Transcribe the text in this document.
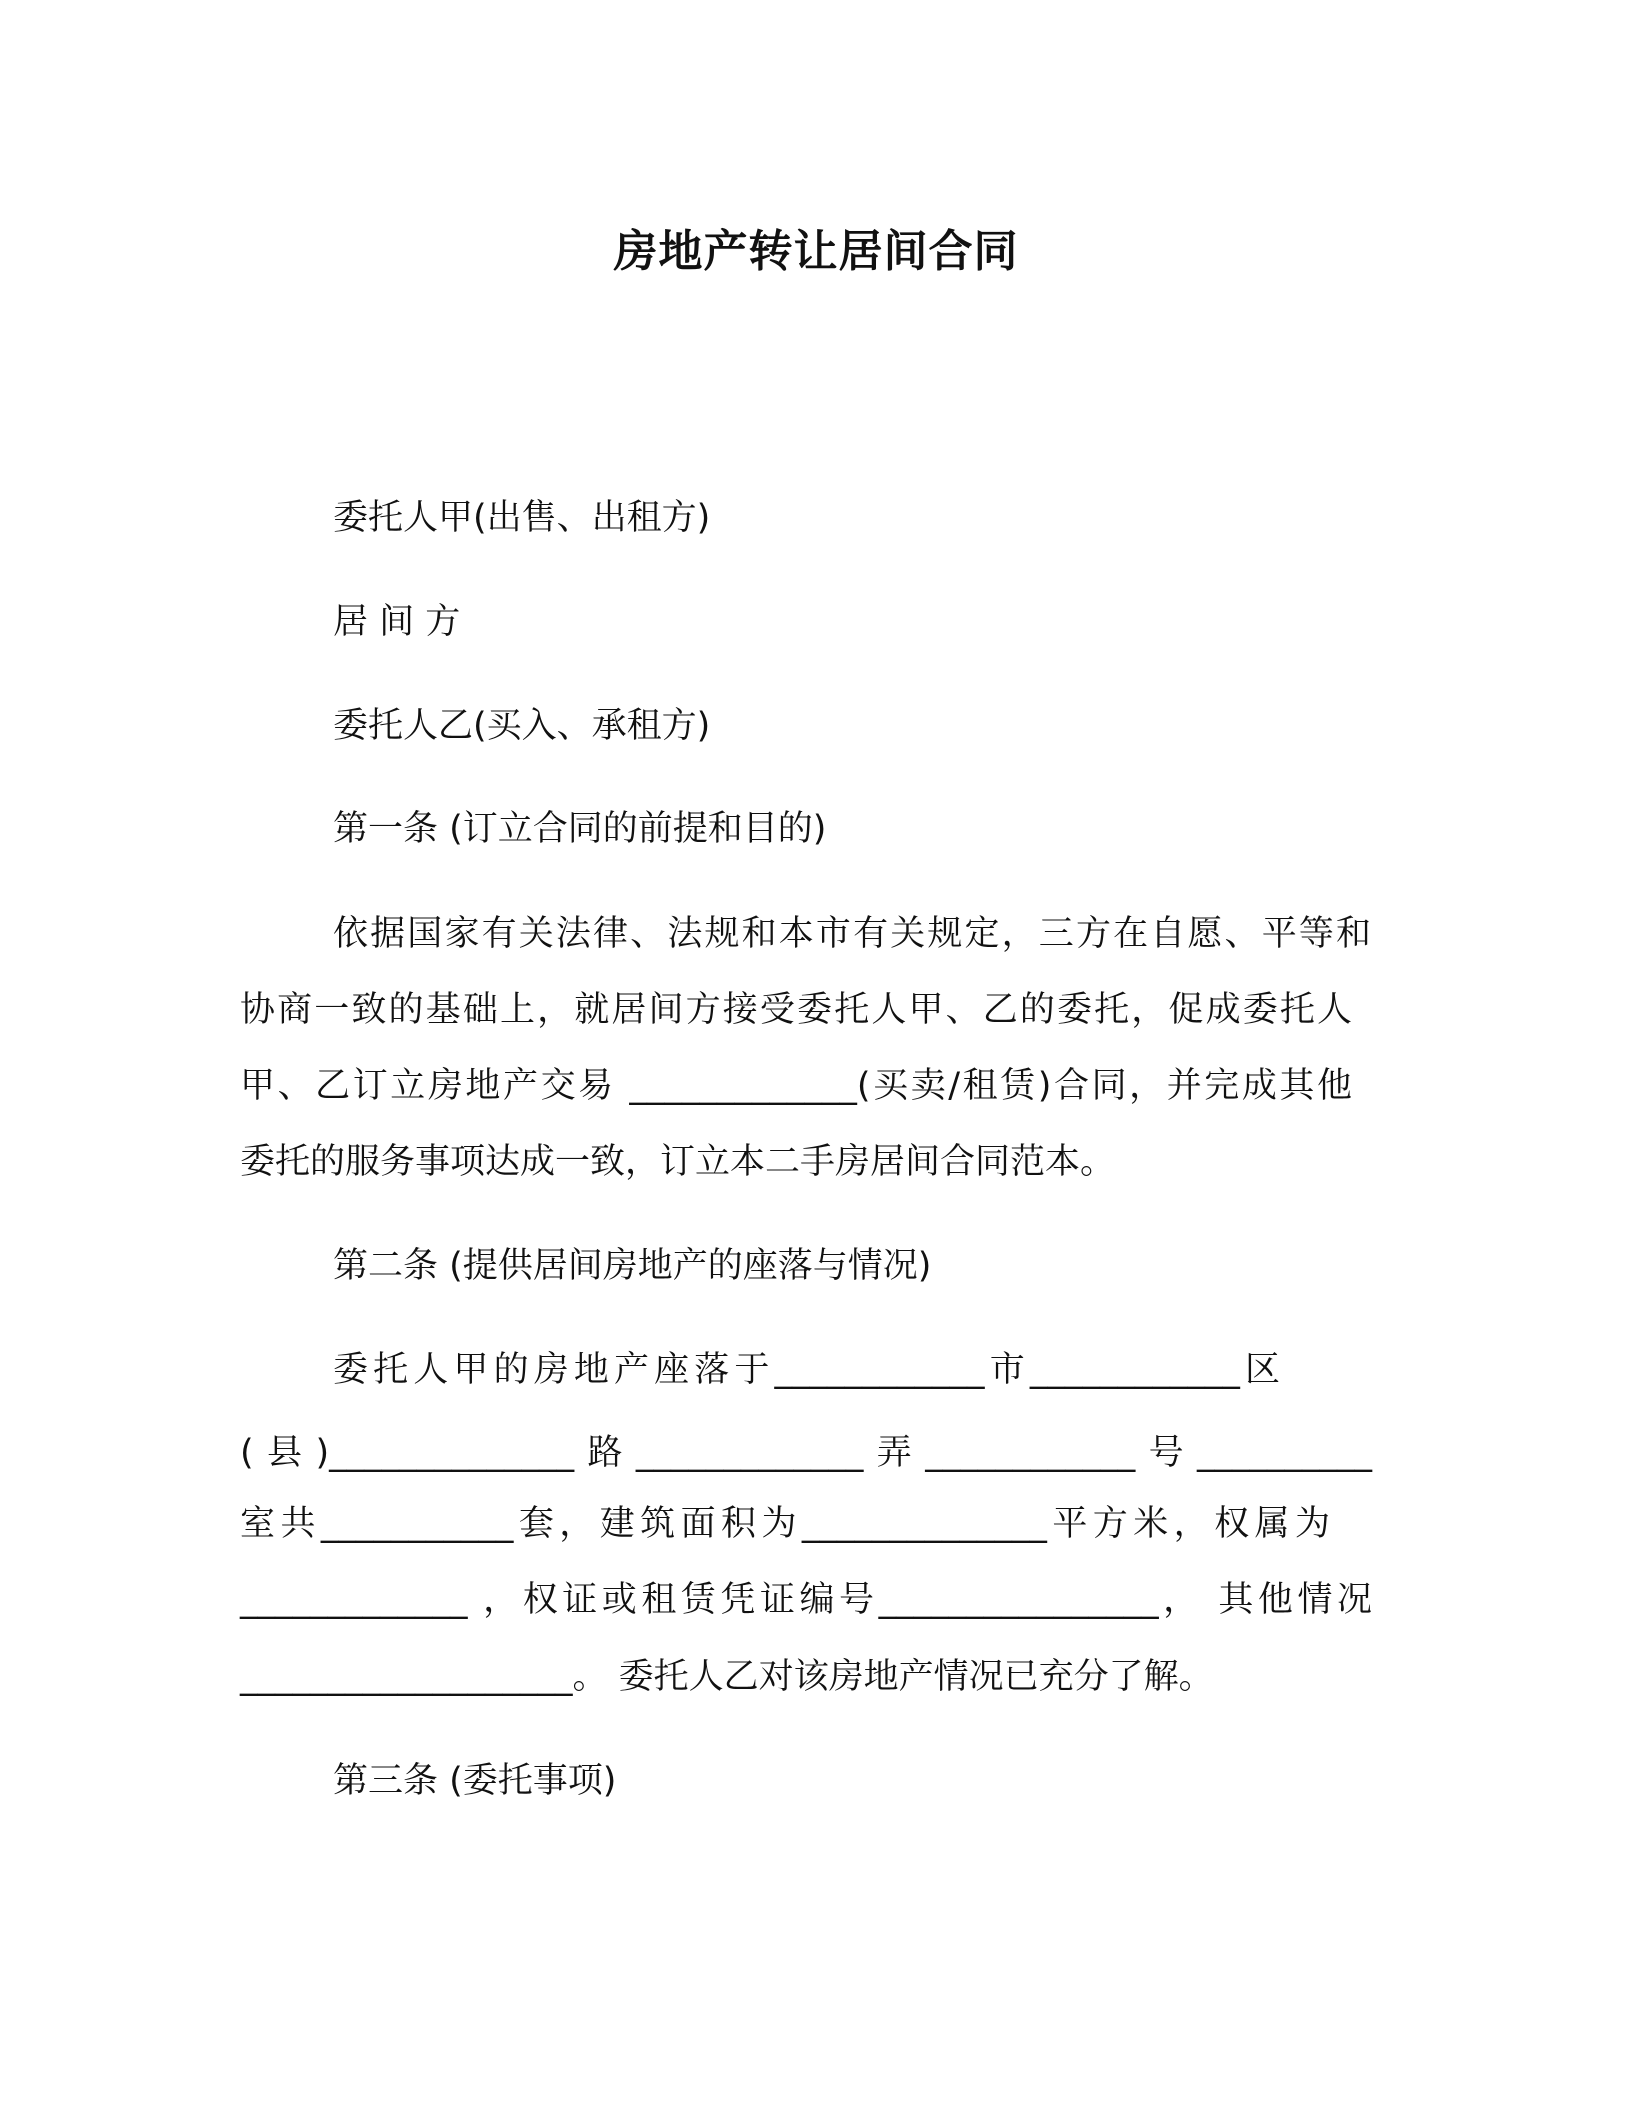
房地产转让居间合同
委托人甲(出售、出租方)
居 间 方
委托人乙(买入、承租方)
第一条 (订立合同的前提和目的)
依据国家有关法律、法规和本市有关规定，三方在自愿、平等和
协商一致的基础上，就居间方接受委托人甲、乙的委托，促成委托人
甲、乙订立房地产交易 _____________(买卖/租赁)合同，并完成其他
委托的服务事项达成一致，订立本二手房居间合同范本。
第二条 (提供居间房地产的座落与情况)
委托人甲的房地产座落于____________市____________区
(县)______________路_____________弄____________号__________
室共___________套，建筑面积为______________平方米，权属为
_____________ ，权证或租赁凭证编号________________， 其他情况
___________________。 委托人乙对该房地产情况已充分了解。
第三条 (委托事项)
